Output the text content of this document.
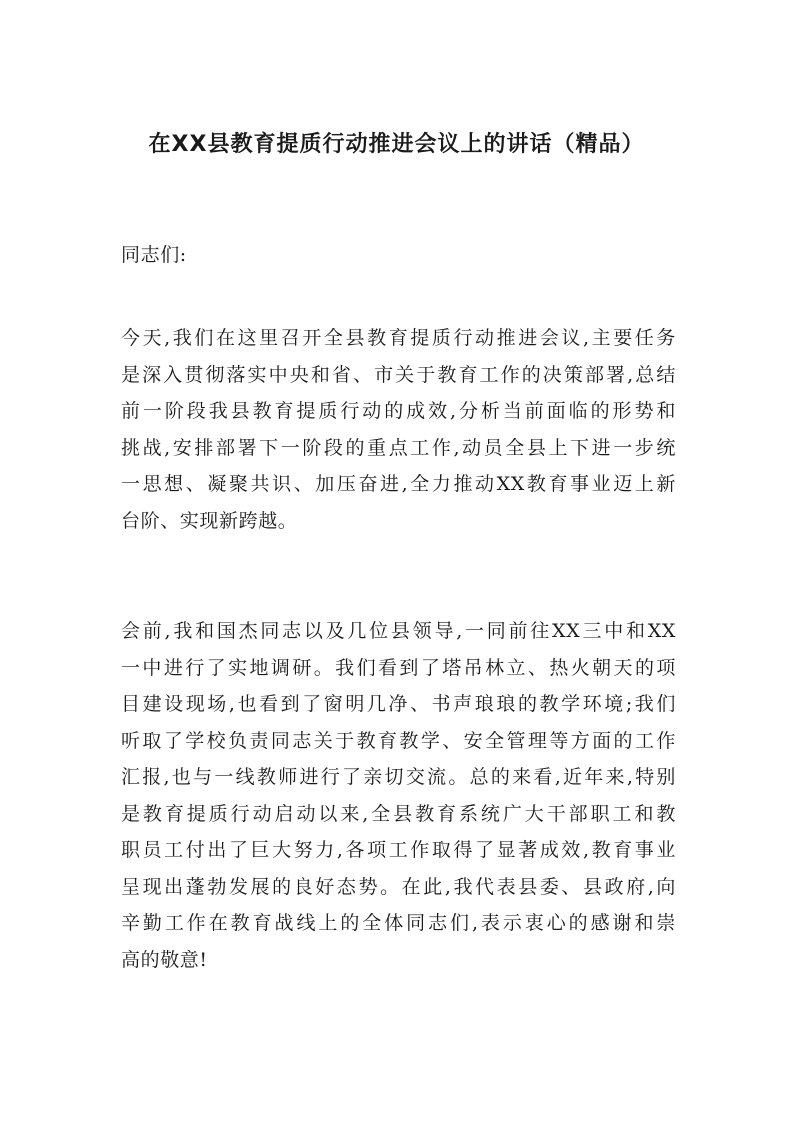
在XX县教育提质行动推进会议上的讲话（精品）
同志们:
今天,我们在这里召开全县教育提质行动推进会议,主要任务
是深入贯彻落实中央和省、市关于教育工作的决策部署,总结
前一阶段我县教育提质行动的成效,分析当前面临的形势和
挑战,安排部署下一阶段的重点工作,动员全县上下进一步统
一思想、凝聚共识、加压奋进,全力推动XX教育事业迈上新
台阶、实现新跨越。
会前,我和国杰同志以及几位县领导,一同前往XX三中和XX
一中进行了实地调研。我们看到了塔吊林立、热火朝天的项
目建设现场,也看到了窗明几净、书声琅琅的教学环境;我们
听取了学校负责同志关于教育教学、安全管理等方面的工作
汇报,也与一线教师进行了亲切交流。总的来看,近年来,特别
是教育提质行动启动以来,全县教育系统广大干部职工和教
职员工付出了巨大努力,各项工作取得了显著成效,教育事业
呈现出蓬勃发展的良好态势。在此,我代表县委、县政府,向
辛勤工作在教育战线上的全体同志们,表示衷心的感谢和崇
高的敬意!
